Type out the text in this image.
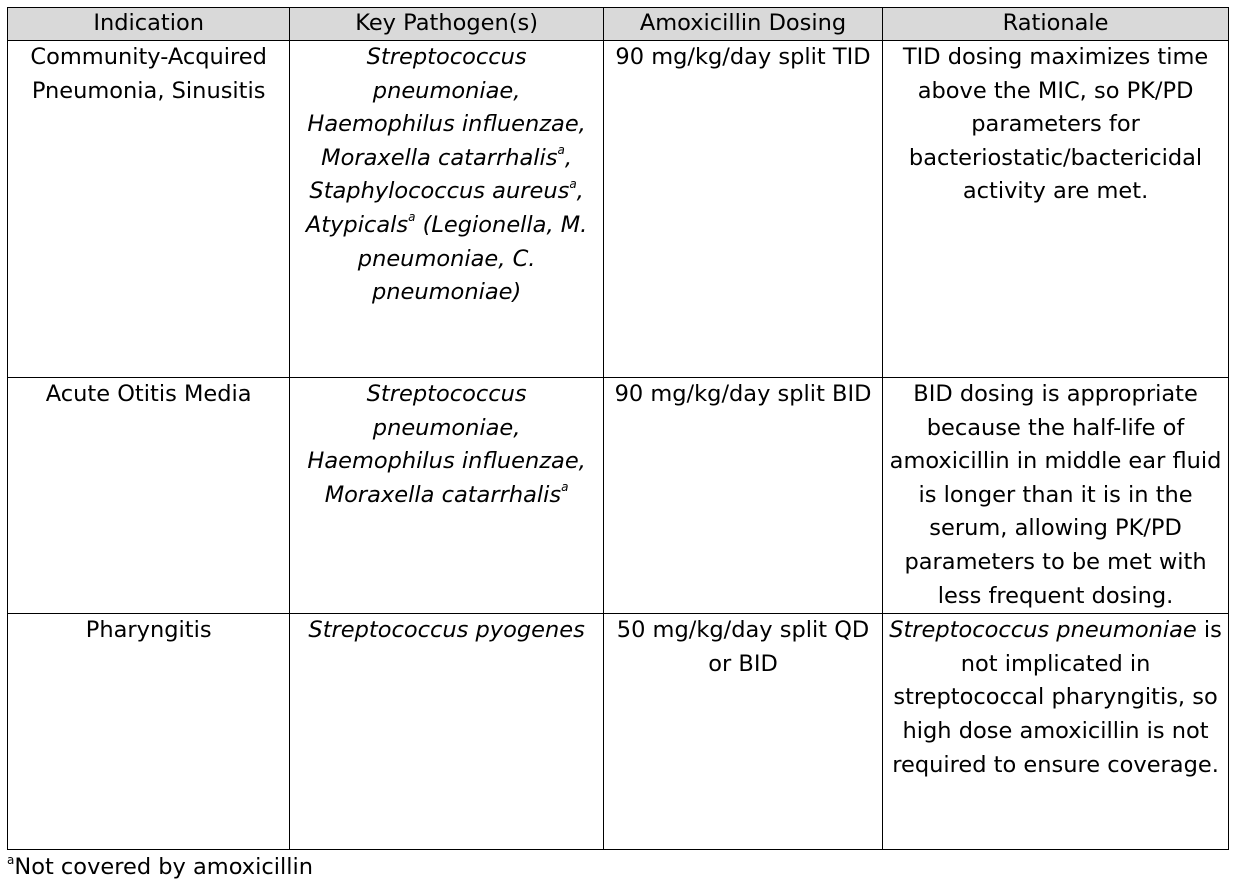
Indication	Key Pathogen(s)	Amoxicillin Dosing	Rationale
Community-Acquired Pneumonia, Sinusitis	Streptococcus pneumoniae, Haemophilus influenzae, Moraxella catarrhalis$^a$, Staphylococcus aureus$^a$, Atypicals$^a$ (Legionella, M. pneumoniae, C. pneumoniae)	90 mg/kg/day split TID	TID dosing maximizes time above the MIC, so PK/PD parameters for bacteriostatic/bactericidal activity are met.
Acute Otitis Media	Streptococcus pneumoniae, Haemophilus influenzae, Moraxella catarrhalis$^a$	90 mg/kg/day split BID	BID dosing is appropriate because the half-life of amoxicillin in middle ear fluid is longer than it is in the serum, allowing PK/PD parameters to be met with less frequent dosing.
Pharyngitis	Streptococcus pyogenes	50 mg/kg/day split QD or BID	Streptococcus pneumoniae is not implicated in streptococcal pharyngitis, so high dose amoxicillin is not required to ensure coverage.
$^a$Not covered by amoxicillin
